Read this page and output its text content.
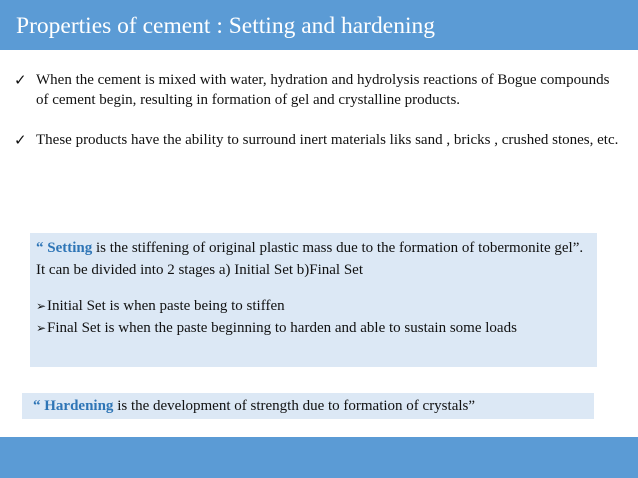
Properties of cement : Setting and hardening
✓ When the cement is mixed with water, hydration and hydrolysis reactions of Bogue compounds of cement begin, resulting in formation of gel and crystalline products.
✓ These products have the ability to surround inert materials liks sand , bricks , crushed stones, etc.

“ Setting is the stiffening of original plastic mass due to the formation of tobermonite gel”. It can be divided into 2 stages a) Initial Set b)Final Set

➢ Initial Set is when paste being to stiffen
➢ Final Set is when the paste beginning to harden and able to sustain some loads
“ Hardening is the development of strength due to formation of crystals”
